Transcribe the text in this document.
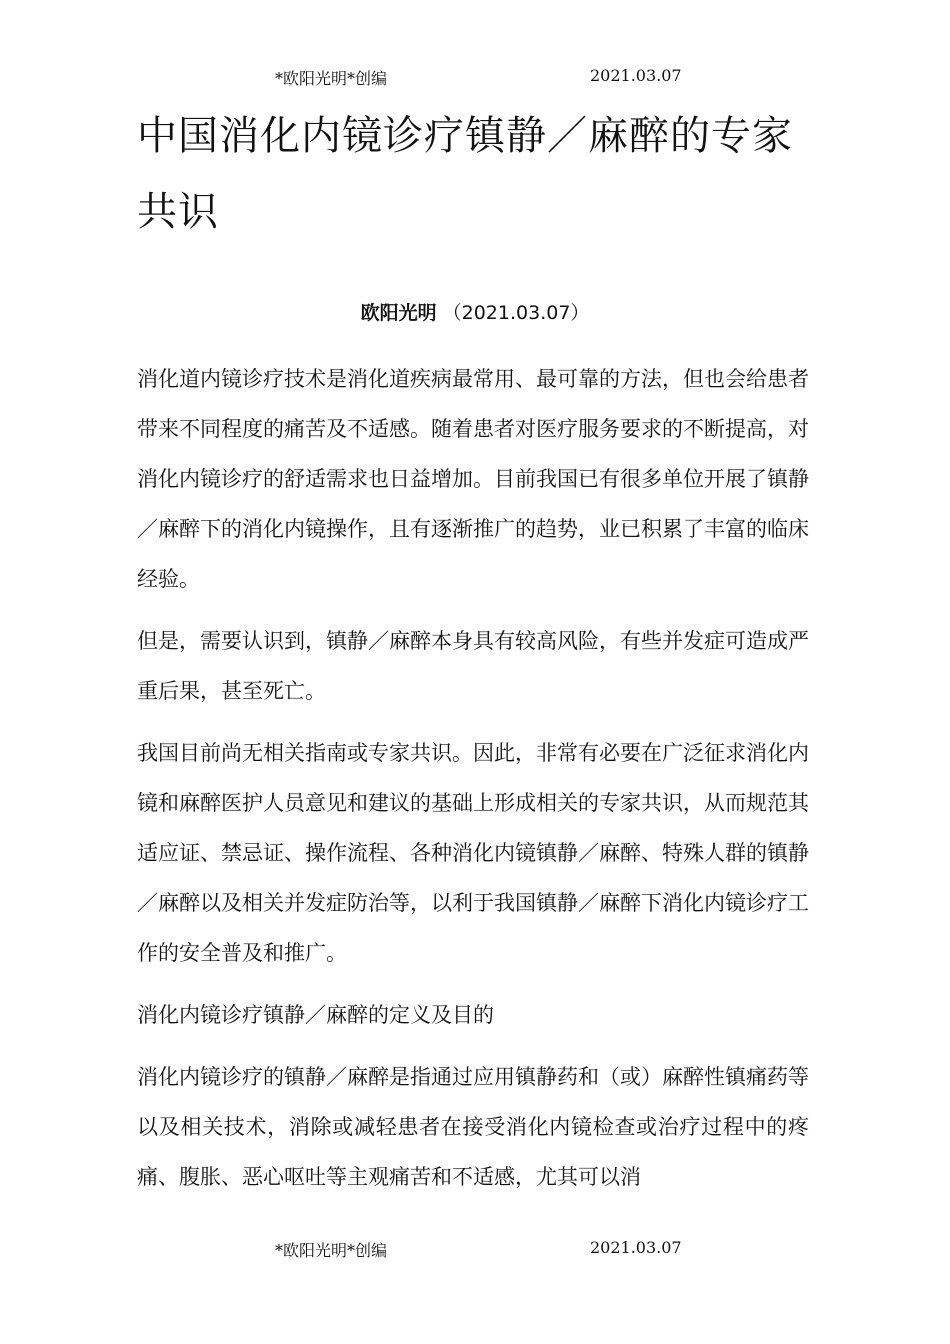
*欧阳光明*创编	2021.03.07
中国消化内镜诊疗镇静／麻醉的专家共识
欧阳光明 （2021.03.07）

消化道内镜诊疗技术是消化道疾病最常用、最可靠的方法，但也会给患者带来不同程度的痛苦及不适感。随着患者对医疗服务要求的不断提高，对消化内镜诊疗的舒适需求也日益增加。目前我国已有很多单位开展了镇静／麻醉下的消化内镜操作，且有逐渐推广的趋势，业已积累了丰富的临床经验。

但是，需要认识到，镇静／麻醉本身具有较高风险，有些并发症可造成严重后果，甚至死亡。

我国目前尚无相关指南或专家共识。因此，非常有必要在广泛征求消化内镜和麻醉医护人员意见和建议的基础上形成相关的专家共识，从而规范其适应证、禁忌证、操作流程、各种消化内镜镇静／麻醉、特殊人群的镇静／麻醉以及相关并发症防治等，以利于我国镇静／麻醉下消化内镜诊疗工作的安全普及和推广。

消化内镜诊疗镇静／麻醉的定义及目的

消化内镜诊疗的镇静／麻醉是指通过应用镇静药和（或）麻醉性镇痛药等以及相关技术，消除或减轻患者在接受消化内镜检查或治疗过程中的疼痛、腹胀、恶心呕吐等主观痛苦和不适感，尤其可以消

*欧阳光明*创编	2021.03.07
